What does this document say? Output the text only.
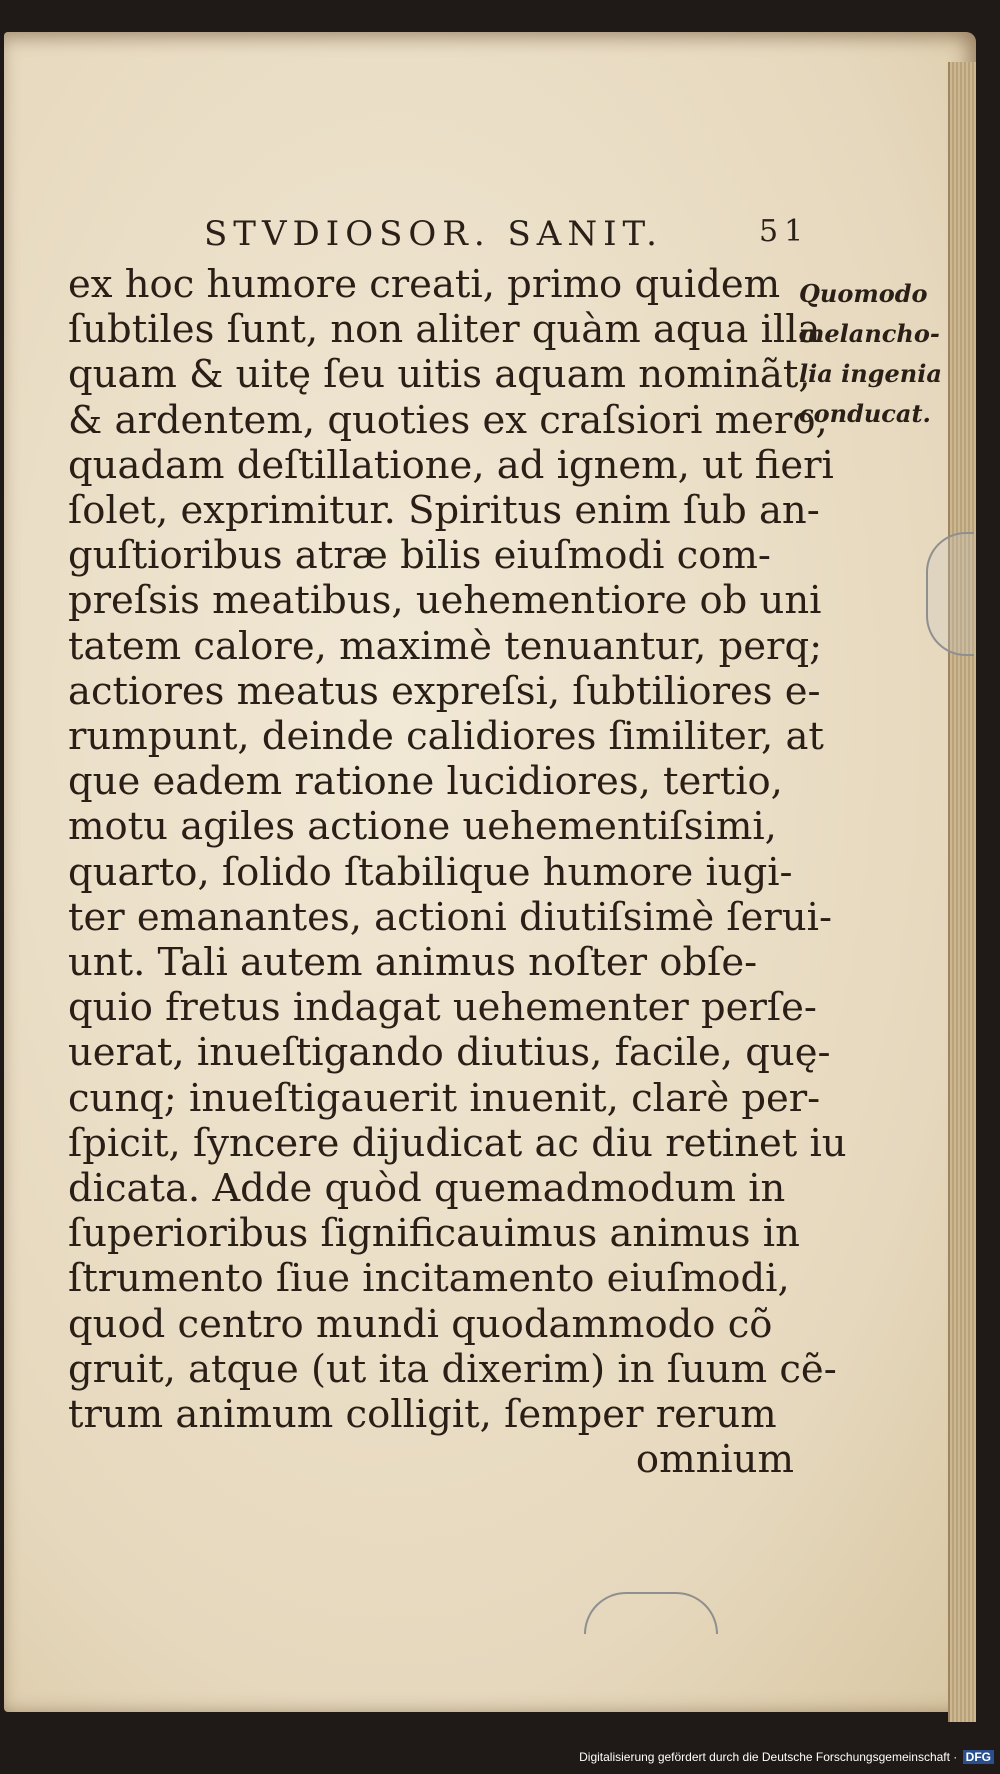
STVDIOSOR. SANIT.	51
ex hoc humore creati, primo quidem
ſubtiles ſunt, non aliter quàm aqua illa
quam & uitę ſeu uitis aquam nominãt,
& ardentem, quoties ex craſsiori mero,
quadam deſtillatione, ad ignem, ut fieri
ſolet, exprimitur. Spiritus enim ſub an-
guſtioribus atræ bilis eiuſmodi com-
preſsis meatibus, uehementiore ob uni
tatem calore, maximè tenuantur, perq;
actiores meatus expreſsi, ſubtiliores e-
rumpunt, deinde calidiores ſimiliter, at
que eadem ratione lucidiores, tertio,
motu agiles actione uehementiſsimi,
quarto, ſolido ſtabilique humore iugi-
ter emanantes, actioni diutiſsimè ſerui-
unt. Tali autem animus noſter obſe-
quio fretus indagat uehementer perſe-
uerat, inueſtigando diutius, facile, quę-
cunq; inueſtigauerit inuenit, clarè per-
ſpicit, ſyncere dijudicat ac diu retinet iu
dicata. Adde quòd quemadmodum in
ſuperioribus ſignificauimus animus in
ſtrumento ſiue incitamento eiuſmodi,
quod centro mundi quodammodo cõ
gruit, atque (ut ita dixerim) in ſuum cẽ-
trum animum colligit, ſemper rerum
omnium
Quomodo
melancho-
lia ingenia
conducat.
Digitalisierung gefördert durch die Deutsche Forschungsgemeinschaft · DFG
